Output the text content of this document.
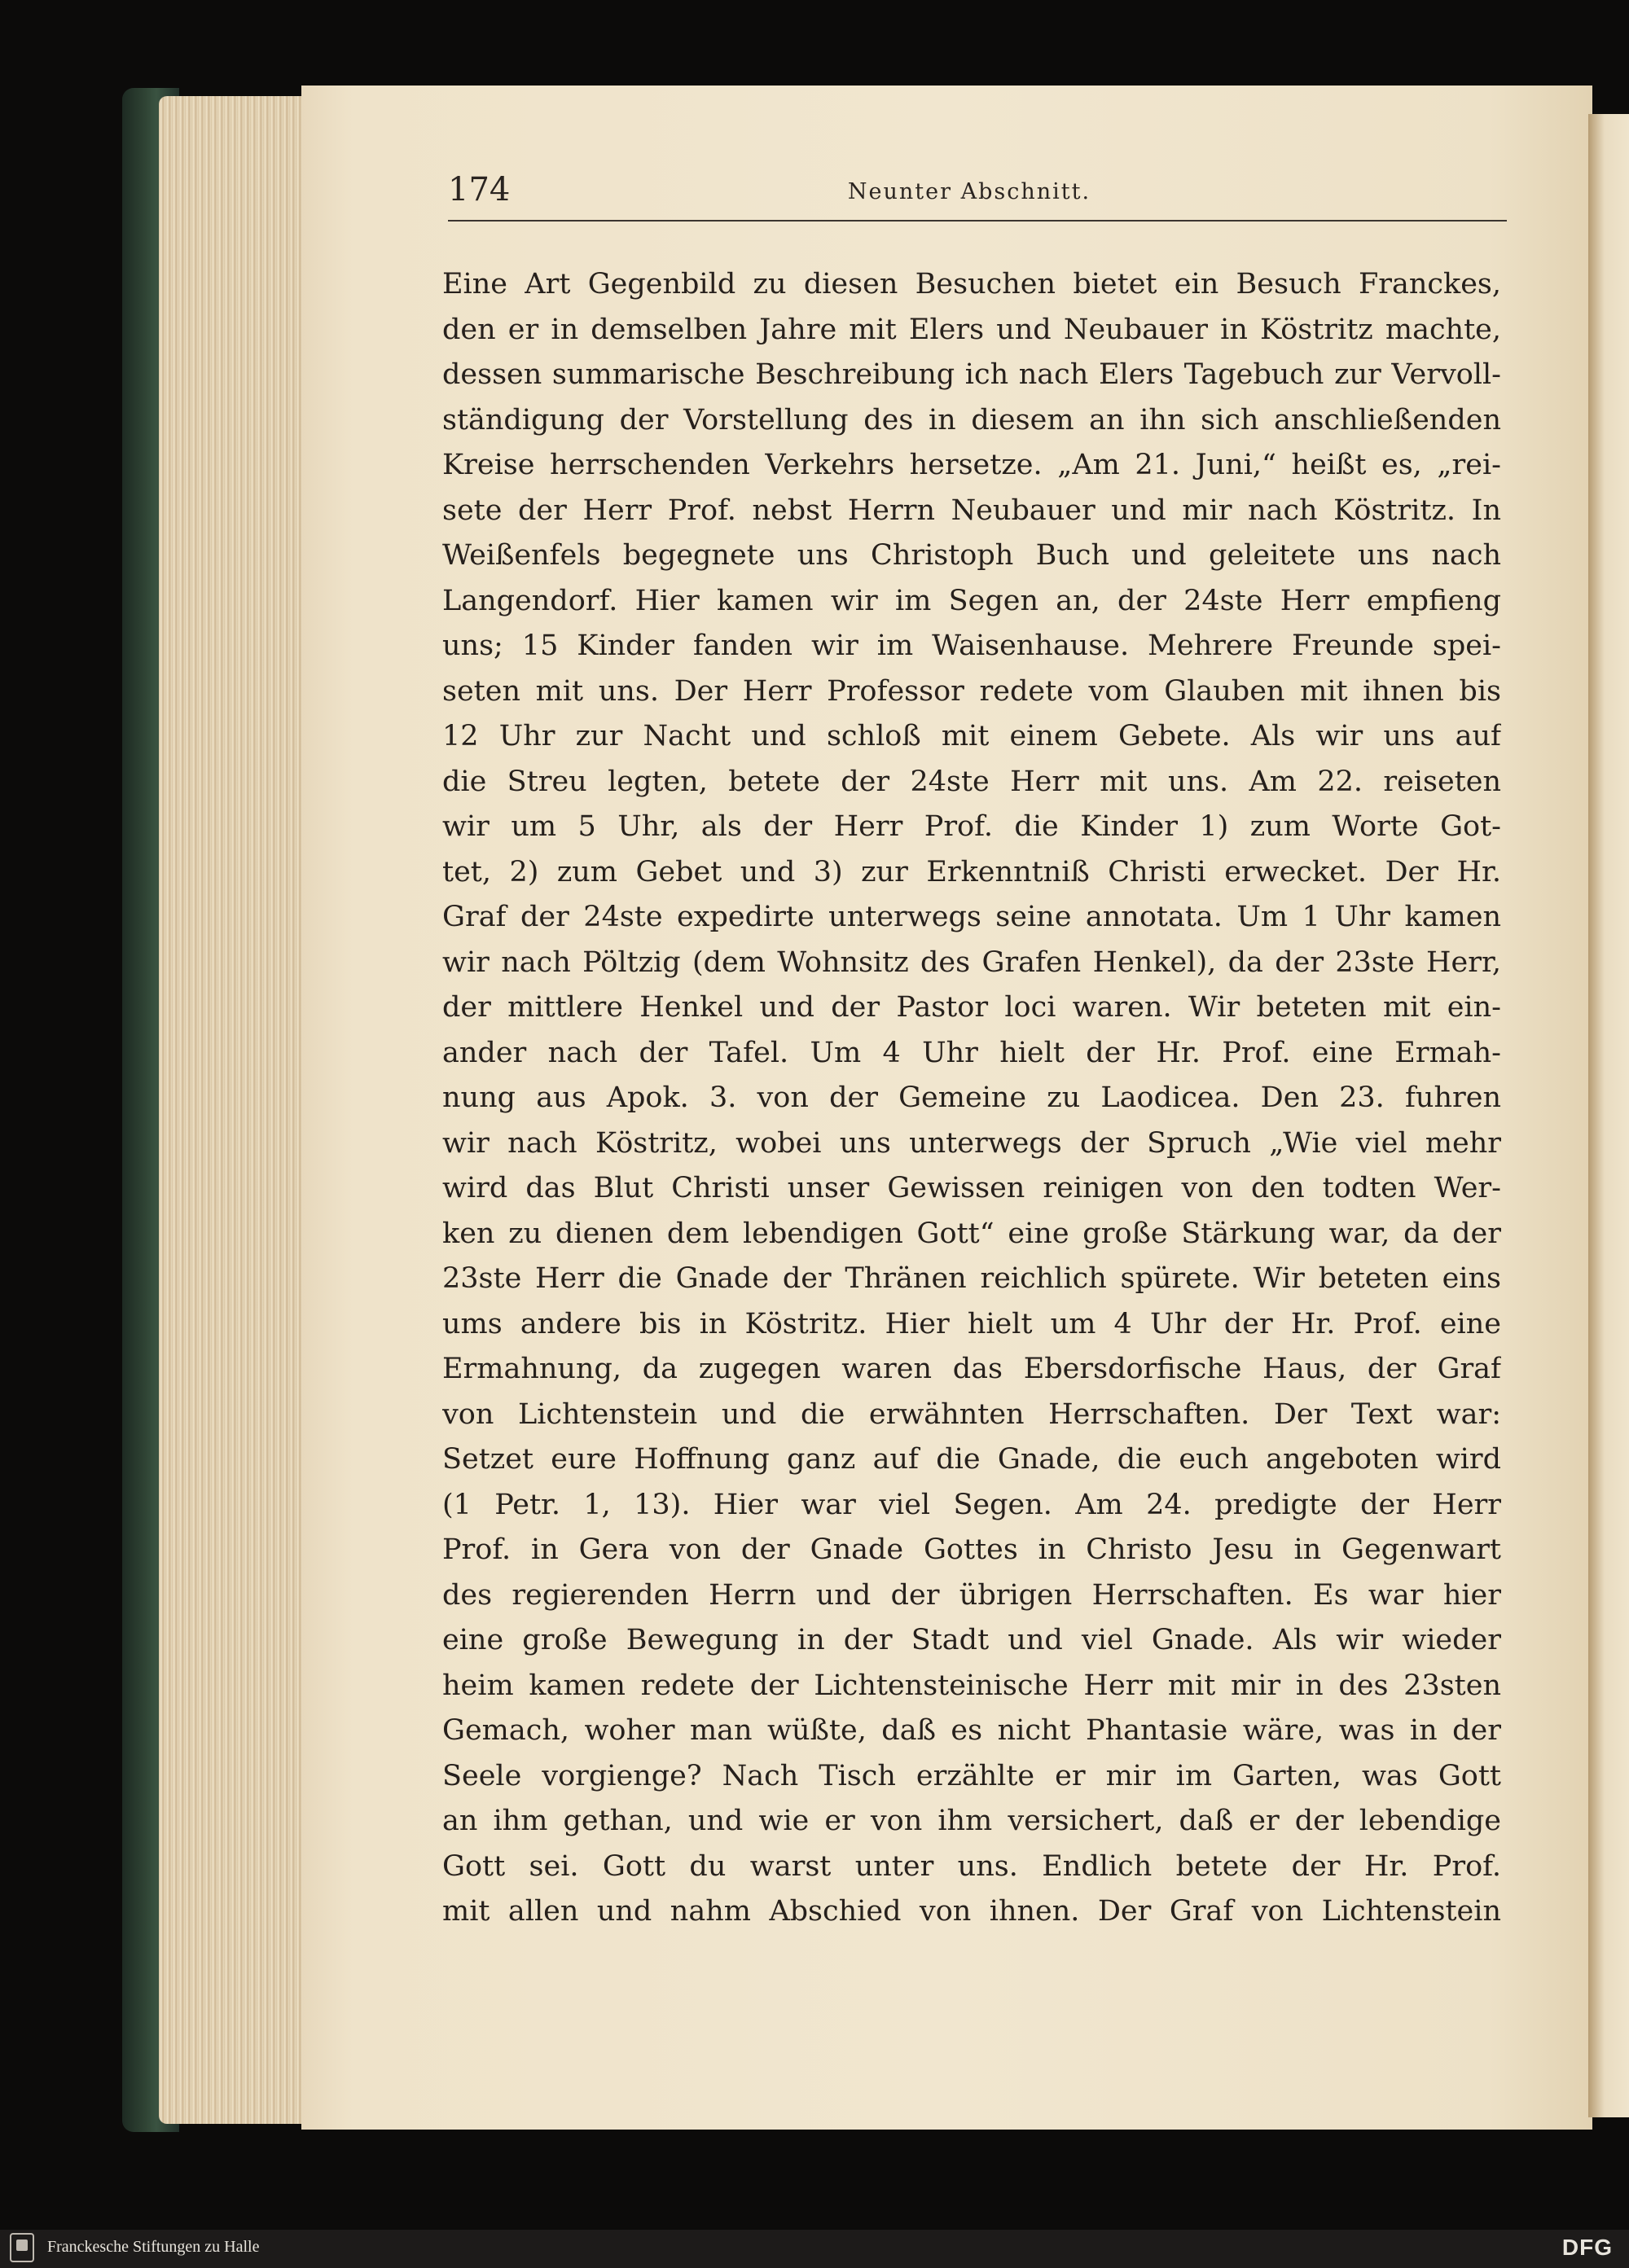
174	Neunter Abschnitt.
Eine Art Gegenbild zu diesen Besuchen bietet ein Besuch Franckes,
den er in demselben Jahre mit Elers und Neubauer in Köstritz machte,
dessen summarische Beschreibung ich nach Elers Tagebuch zur Vervoll-
ständigung der Vorstellung des in diesem an ihn sich anschließenden
Kreise herrschenden Verkehrs hersetze. „Am 21. Juni,“ heißt es, „rei-
sete der Herr Prof. nebst Herrn Neubauer und mir nach Köstritz. In
Weißenfels begegnete uns Christoph Buch und geleitete uns nach
Langendorf. Hier kamen wir im Segen an, der 24ste Herr empfieng
uns; 15 Kinder fanden wir im Waisenhause. Mehrere Freunde spei-
seten mit uns. Der Herr Professor redete vom Glauben mit ihnen bis
12 Uhr zur Nacht und schloß mit einem Gebete. Als wir uns auf
die Streu legten, betete der 24ste Herr mit uns. Am 22. reiseten
wir um 5 Uhr, als der Herr Prof. die Kinder 1) zum Worte Got-
tet, 2) zum Gebet und 3) zur Erkenntniß Christi erwecket. Der Hr.
Graf der 24ste expedirte unterwegs seine annotata. Um 1 Uhr kamen
wir nach Pöltzig (dem Wohnsitz des Grafen Henkel), da der 23ste Herr,
der mittlere Henkel und der Pastor loci waren. Wir beteten mit ein-
ander nach der Tafel. Um 4 Uhr hielt der Hr. Prof. eine Ermah-
nung aus Apok. 3. von der Gemeine zu Laodicea. Den 23. fuhren
wir nach Köstritz, wobei uns unterwegs der Spruch „Wie viel mehr
wird das Blut Christi unser Gewissen reinigen von den todten Wer-
ken zu dienen dem lebendigen Gott“ eine große Stärkung war, da der
23ste Herr die Gnade der Thränen reichlich spürete. Wir beteten eins
ums andere bis in Köstritz. Hier hielt um 4 Uhr der Hr. Prof. eine
Ermahnung, da zugegen waren das Ebersdorfische Haus, der Graf
von Lichtenstein und die erwähnten Herrschaften. Der Text war:
Setzet eure Hoffnung ganz auf die Gnade, die euch angeboten wird
(1 Petr. 1, 13). Hier war viel Segen. Am 24. predigte der Herr
Prof. in Gera von der Gnade Gottes in Christo Jesu in Gegenwart
des regierenden Herrn und der übrigen Herrschaften. Es war hier
eine große Bewegung in der Stadt und viel Gnade. Als wir wieder
heim kamen redete der Lichtensteinische Herr mit mir in des 23sten
Gemach, woher man wüßte, daß es nicht Phantasie wäre, was in der
Seele vorgienge? Nach Tisch erzählte er mir im Garten, was Gott
an ihm gethan, und wie er von ihm versichert, daß er der lebendige
Gott sei. Gott du warst unter uns. Endlich betete der Hr. Prof.
mit allen und nahm Abschied von ihnen. Der Graf von Lichtenstein
Franckesche Stiftungen zu Halle	DFG
